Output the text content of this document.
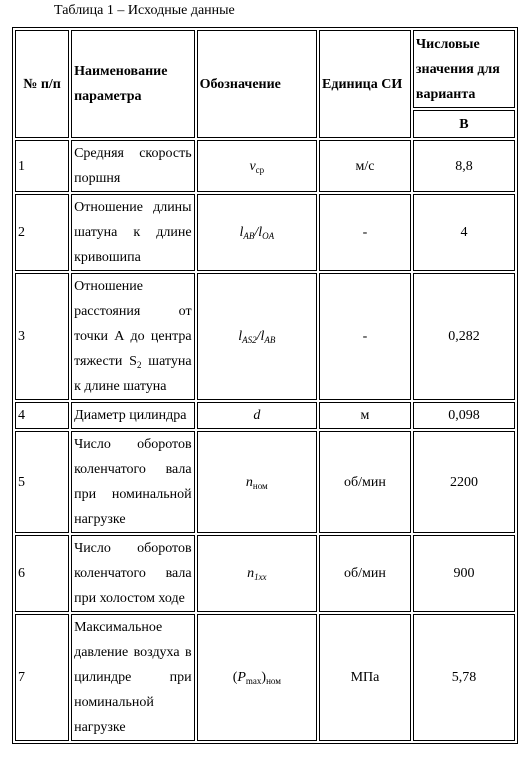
Таблица 1 – Исходные данные
№ п/п	Наименование параметра	Обозначение	Единица СИ	Числовые значения для варианта
				В
1	Средняя скорость поршня	$v_{ср}$	м/с	8,8
2	Отношение длины шатуна к длине кривошипа	$l_{AB}/l_{OA}$	-	4
3	Отношение расстояния от точки А до центра тяжести $S_2$ шатуна к длине шатуна	$l_{AS2}/l_{AB}$	-	0,282
4	Диаметр цилиндра	d	м	0,098
5	Число оборотов коленчатого вала при номинальной нагрузке	$n_{ном}$	об/мин	2200
6	Число оборотов коленчатого вала при холостом ходе	$n_{1хх}$	об/мин	900
7	Максимальное давление воздуха в цилиндре при номинальной нагрузке	$(P_{max})_{ном}$	МПа	5,78
